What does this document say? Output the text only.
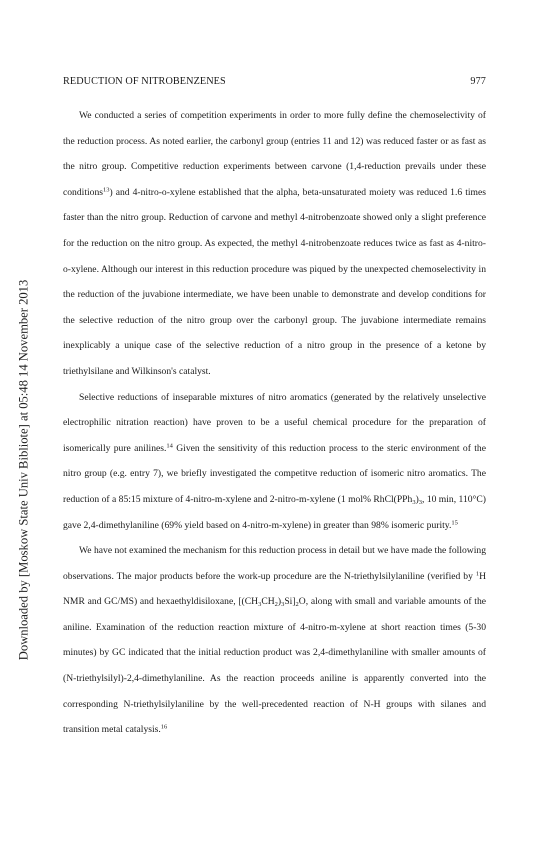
Downloaded by [Moskow State Univ Bibliote] at 05:48 14 November 2013
REDUCTION OF NITROBENZENES	977

We conducted a series of competition experiments in order to more fully define the chemoselectivity of the reduction process. As noted earlier, the carbonyl group (entries 11 and 12) was reduced faster or as fast as the nitro group. Competitive reduction experiments between carvone (1,4-reduction prevails under these conditions$^{13}$) and 4-nitro-o-xylene established that the alpha, beta-unsaturated moiety was reduced 1.6 times faster than the nitro group. Reduction of carvone and methyl 4-nitrobenzoate showed only a slight preference for the reduction on the nitro group. As expected, the methyl 4-nitrobenzoate reduces twice as fast as 4-nitro-o-xylene. Although our interest in this reduction procedure was piqued by the unexpected chemoselectivity in the reduction of the juvabione intermediate, we have been unable to demonstrate and develop conditions for the selective reduction of the nitro group over the carbonyl group. The juvabione intermediate remains inexplicably a unique case of the selective reduction of a nitro group in the presence of a ketone by triethylsilane and Wilkinson's catalyst.

Selective reductions of inseparable mixtures of nitro aromatics (generated by the relatively unselective electrophilic nitration reaction) have proven to be a useful chemical procedure for the preparation of isomerically pure anilines.$^{14}$ Given the sensitivity of this reduction process to the steric environment of the nitro group (e.g. entry 7), we briefly investigated the competitve reduction of isomeric nitro aromatics. The reduction of a 85:15 mixture of 4-nitro-m-xylene and 2-nitro-m-xylene (1 mol% $RhCl(PPh_3)_3$, 10 min, 110°C) gave 2,4-dimethylaniline (69% yield based on 4-nitro-m-xylene) in greater than 98% isomeric purity.$^{15}$

We have not examined the mechanism for this reduction process in detail but we have made the following observations. The major products before the work-up procedure are the N-triethylsilylaniline (verified by $^1$H NMR and GC/MS) and hexaethyldisiloxane, $[(CH_3CH_2)_3Si]_2O$, along with small and variable amounts of the aniline. Examination of the reduction reaction mixture of 4-nitro-m-xylene at short reaction times (5-30 minutes) by GC indicated that the initial reduction product was 2,4-dimethylaniline with smaller amounts of (N-triethylsilyl)-2,4-dimethylaniline. As the reaction proceeds aniline is apparently converted into the corresponding N-triethylsilylaniline by the well-precedented reaction of N-H groups with silanes and transition metal catalysis.$^{16}$
